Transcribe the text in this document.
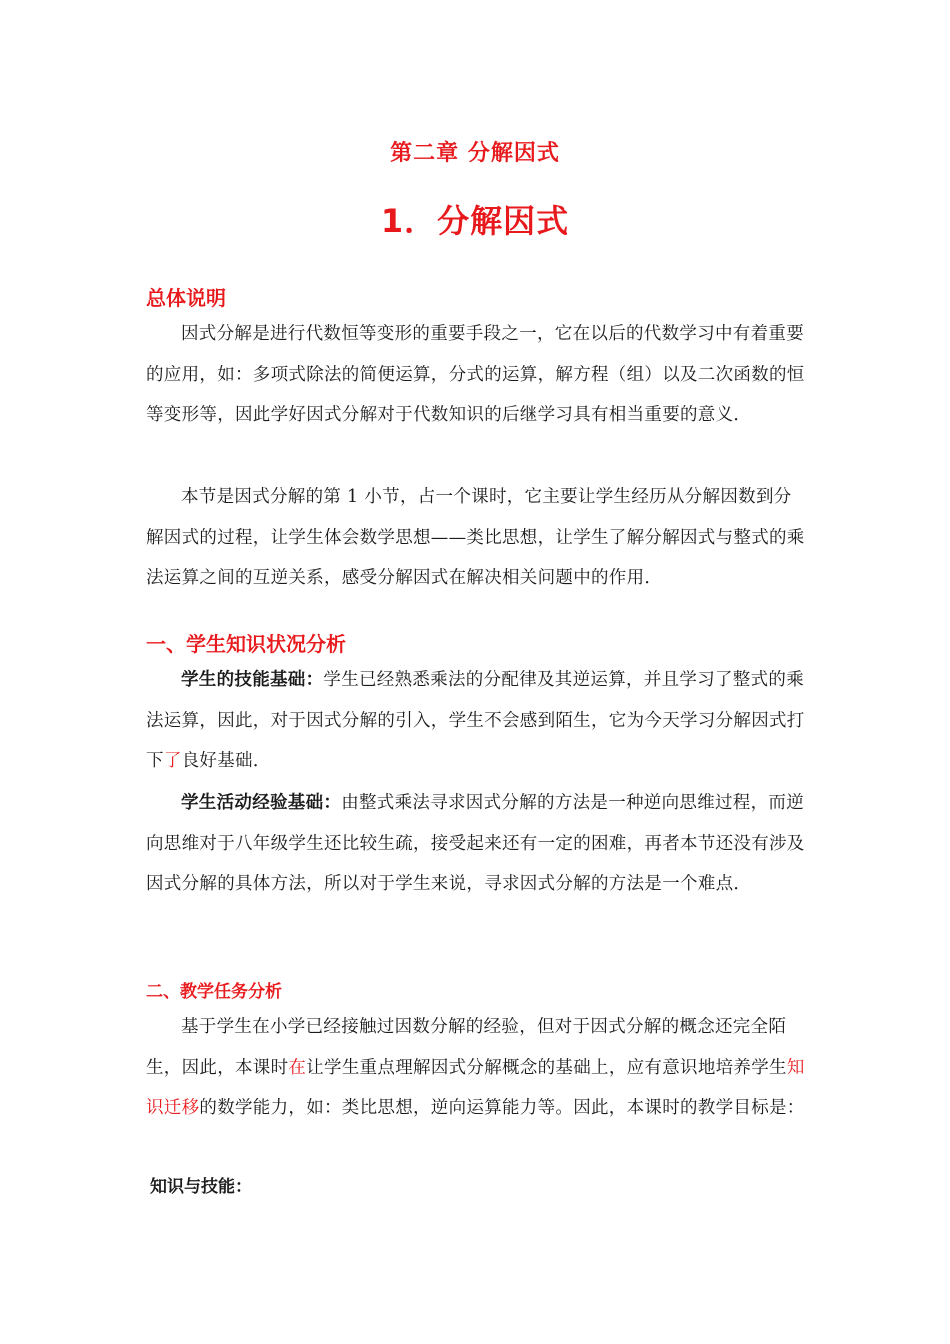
第二章 分解因式
1．分解因式
总体说明

因式分解是进行代数恒等变形的重要手段之一，它在以后的代数学习中有着重要的应用，如：多项式除法的简便运算，分式的运算，解方程（组）以及二次函数的恒等变形等，因此学好因式分解对于代数知识的后继学习具有相当重要的意义．

本节是因式分解的第 1 小节，占一个课时，它主要让学生经历从分解因数到分解因式的过程，让学生体会数学思想——类比思想，让学生了解分解因式与整式的乘法运算之间的互逆关系，感受分解因式在解决相关问题中的作用．

一、学生知识状况分析

学生的技能基础：学生已经熟悉乘法的分配律及其逆运算，并且学习了整式的乘法运算，因此，对于因式分解的引入，学生不会感到陌生，它为今天学习分解因式打下了良好基础．

学生活动经验基础：由整式乘法寻求因式分解的方法是一种逆向思维过程，而逆向思维对于八年级学生还比较生疏，接受起来还有一定的困难，再者本节还没有涉及因式分解的具体方法，所以对于学生来说，寻求因式分解的方法是一个难点．

二、教学任务分析

基于学生在小学已经接触过因数分解的经验，但对于因式分解的概念还完全陌生，因此，本课时在让学生重点理解因式分解概念的基础上，应有意识地培养学生知识迁移的数学能力，如：类比思想，逆向运算能力等。因此，本课时的教学目标是：

知识与技能：
